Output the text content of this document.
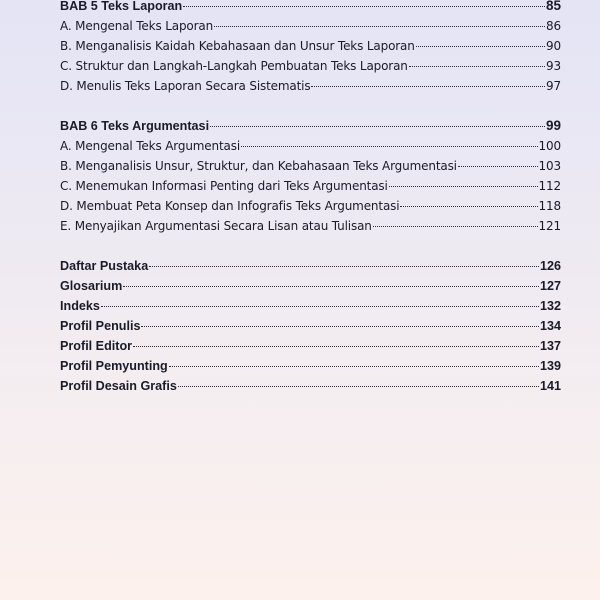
BAB 5 Teks Laporan	85
A. Mengenal Teks Laporan	86
B. Menganalisis Kaidah Kebahasaan dan Unsur Teks Laporan	90
C. Struktur dan Langkah-Langkah Pembuatan Teks Laporan	93
D. Menulis Teks Laporan Secara Sistematis	97
BAB 6 Teks Argumentasi	99
A. Mengenal Teks Argumentasi	100
B. Menganalisis Unsur, Struktur, dan Kebahasaan Teks Argumentasi	103
C. Menemukan Informasi Penting dari Teks Argumentasi	112
D. Membuat Peta Konsep dan Infografis Teks Argumentasi	118
E. Menyajikan Argumentasi Secara Lisan atau Tulisan	121
Daftar Pustaka	126
Glosarium	127
Indeks	132
Profil Penulis	134
Profil Editor	137
Profil Pemyunting	139
Profil Desain Grafis	141
